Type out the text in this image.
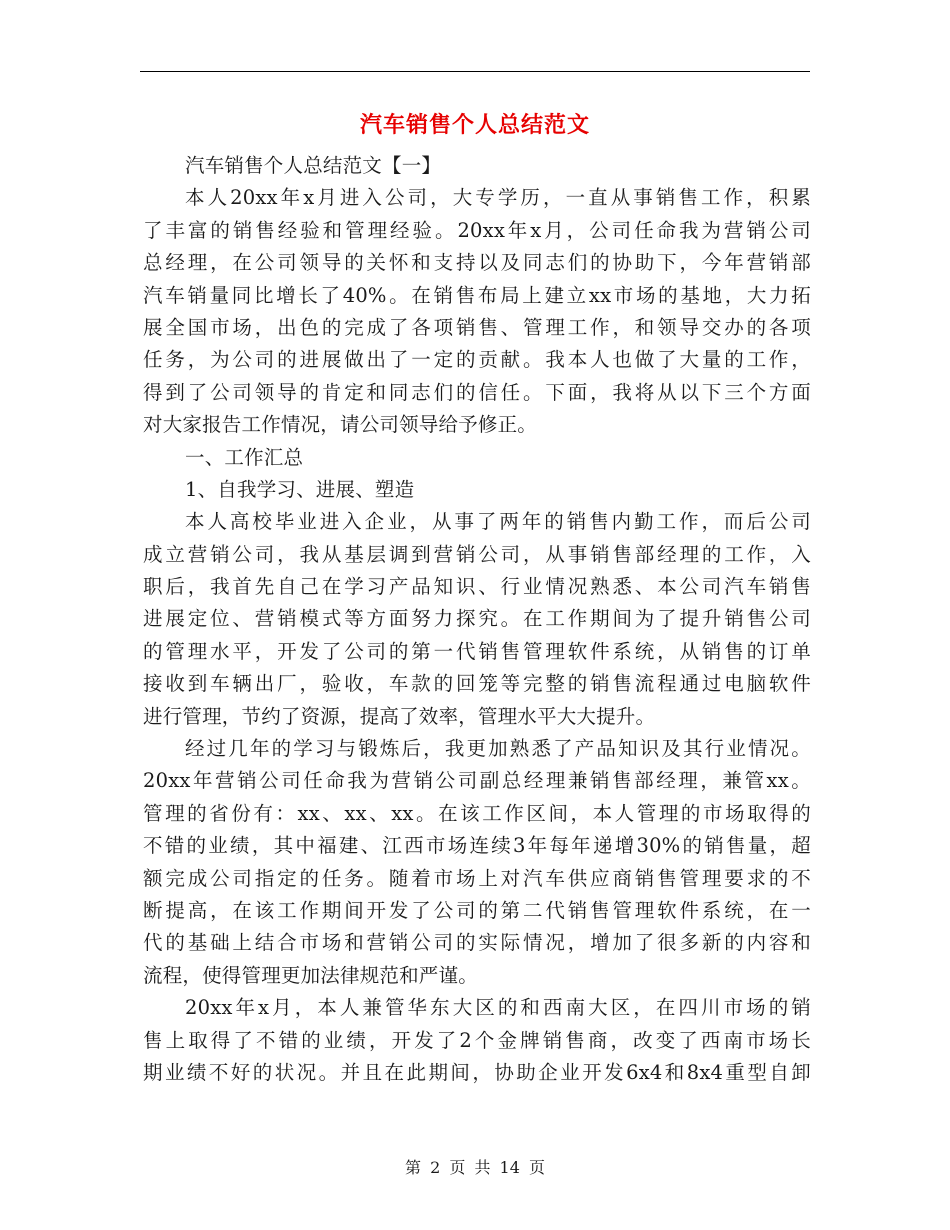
汽车销售个人总结范文
汽车销售个人总结范文【一】
本人20xx年x月进入公司，大专学历，一直从事销售工作，积累
了丰富的销售经验和管理经验。20xx年x月，公司任命我为营销公司
总经理，在公司领导的关怀和支持以及同志们的协助下，今年营销部
汽车销量同比增长了40%。在销售布局上建立xx市场的基地，大力拓
展全国市场，出色的完成了各项销售、管理工作，和领导交办的各项
任务，为公司的进展做出了一定的贡献。我本人也做了大量的工作，
得到了公司领导的肯定和同志们的信任。下面，我将从以下三个方面
对大家报告工作情况，请公司领导给予修正。
一、工作汇总
1、自我学习、进展、塑造
本人高校毕业进入企业，从事了两年的销售内勤工作，而后公司
成立营销公司，我从基层调到营销公司，从事销售部经理的工作，入
职后，我首先自己在学习产品知识、行业情况熟悉、本公司汽车销售
进展定位、营销模式等方面努力探究。在工作期间为了提升销售公司
的管理水平，开发了公司的第一代销售管理软件系统，从销售的订单
接收到车辆出厂，验收，车款的回笼等完整的销售流程通过电脑软件
进行管理，节约了资源，提高了效率，管理水平大大提升。
经过几年的学习与锻炼后，我更加熟悉了产品知识及其行业情况。
20xx年营销公司任命我为营销公司副总经理兼销售部经理，兼管xx。
管理的省份有：xx、xx、xx。在该工作区间，本人管理的市场取得的
不错的业绩，其中福建、江西市场连续3年每年递增30%的销售量，超
额完成公司指定的任务。随着市场上对汽车供应商销售管理要求的不
断提高，在该工作期间开发了公司的第二代销售管理软件系统，在一
代的基础上结合市场和营销公司的实际情况，增加了很多新的内容和
流程，使得管理更加法律规范和严谨。
20xx年x月，本人兼管华东大区的和西南大区，在四川市场的销
售上取得了不错的业绩，开发了2个金牌销售商，改变了西南市场长
期业绩不好的状况。并且在此期间，协助企业开发6x4和8x4重型自卸
第 2 页 共 14 页
